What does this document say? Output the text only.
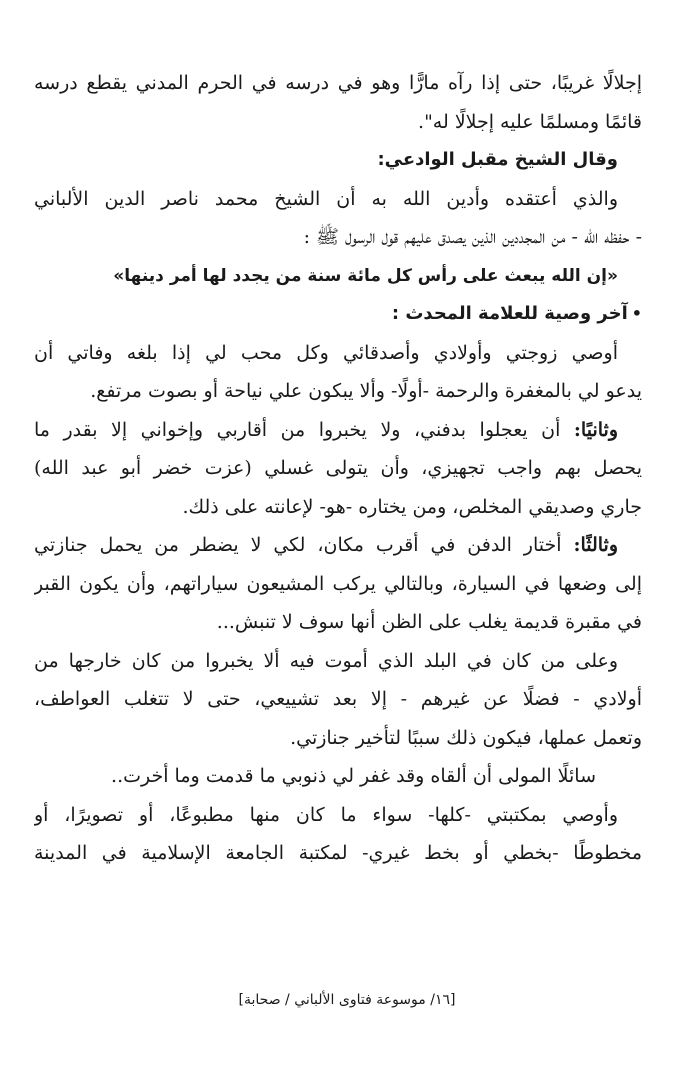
إجلالًا غريبًا، حتى إذا رآه مارًّا وهو في درسه في الحرم المدني يقطع درسه
قائمًا ومسلمًا عليه إجلالًا له".
وقال الشيخ مقبل الوادعي:
والذي أعتقده وأدين الله به أن الشيخ محمد ناصر الدين الألباني
- حفظه الله - من المجددين الذين يصدق عليهم قول الرسول ﷺ :
«إن الله يبعث على رأس كل مائة سنة من يجدد لها أمر دينها»
•آخر وصية للعلامة المحدث :
أوصي زوجتي وأولادي وأصدقائي وكل محب لي إذا بلغه وفاتي أن
يدعو لي بالمغفرة والرحمة -أولًا- وألا يبكون علي نياحة أو بصوت مرتفع.
وثانيًا: أن يعجلوا بدفني، ولا يخبروا من أقاربي وإخواني إلا بقدر ما
يحصل بهم واجب تجهيزي، وأن يتولى غسلي (عزت خضر أبو عبد الله)
جاري وصديقي المخلص، ومن يختاره -هو- لإعانته على ذلك.
وثالثًا: أختار الدفن في أقرب مكان، لكي لا يضطر من يحمل جنازتي
إلى وضعها في السيارة، وبالتالي يركب المشيعون سياراتهم، وأن يكون القبر
في مقبرة قديمة يغلب على الظن أنها سوف لا تنبش...
وعلى من كان في البلد الذي أموت فيه ألا يخبروا من كان خارجها من
أولادي - فضلًا عن غيرهم - إلا بعد تشييعي، حتى لا تتغلب العواطف،
وتعمل عملها، فيكون ذلك سببًا لتأخير جنازتي.
سائلًا المولى أن ألقاه وقد غفر لي ذنوبي ما قدمت وما أخرت..
وأوصي بمكتبتي -كلها- سواء ما كان منها مطبوعًا، أو تصويرًا، أو
مخطوطًا -بخطي أو بخط غيري- لمكتبة الجامعة الإسلامية في المدينة
[١٦/ موسوعة فتاوى الألباني / صحابة]
